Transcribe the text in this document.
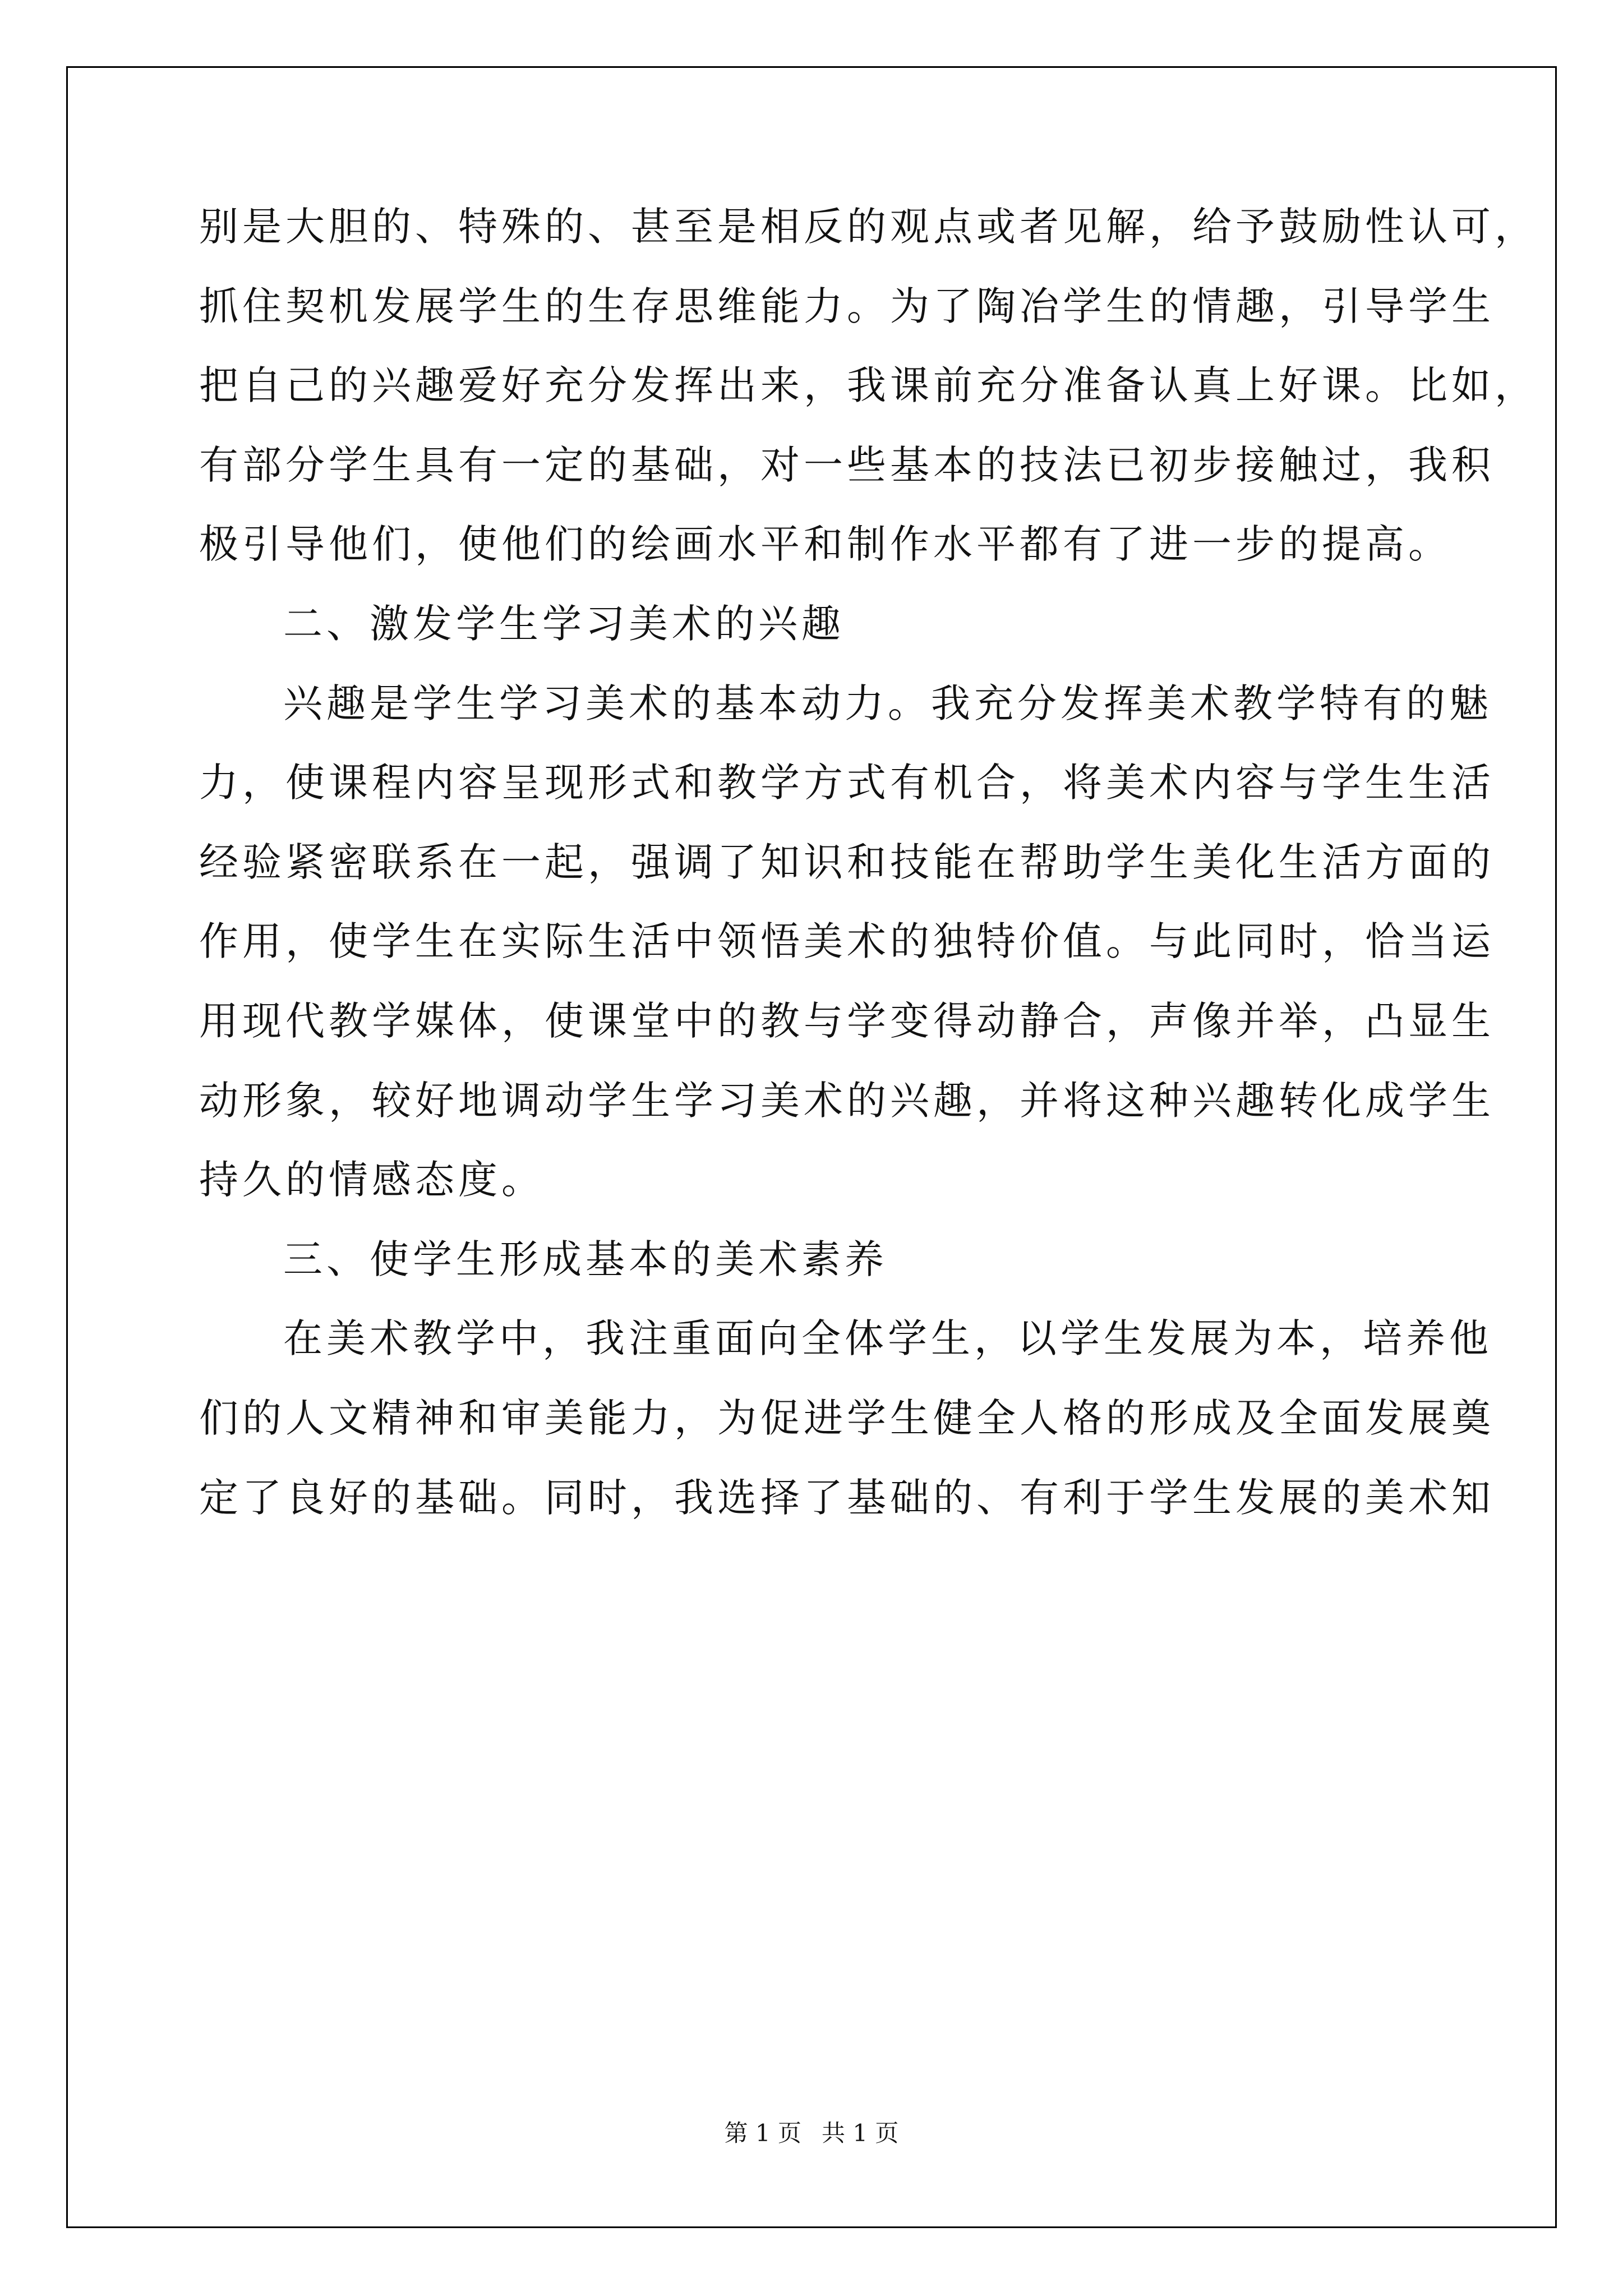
别是大胆的、特殊的、甚至是相反的观点或者见解，给予鼓励性认可，
抓住契机发展学生的生存思维能力。为了陶冶学生的情趣，引导学生
把自己的兴趣爱好充分发挥出来，我课前充分准备认真上好课。比如，
有部分学生具有一定的基础，对一些基本的技法已初步接触过，我积
极引导他们，使他们的绘画水平和制作水平都有了进一步的提高。
二、激发学生学习美术的兴趣
兴趣是学生学习美术的基本动力。我充分发挥美术教学特有的魅
力，使课程内容呈现形式和教学方式有机合，将美术内容与学生生活
经验紧密联系在一起，强调了知识和技能在帮助学生美化生活方面的
作用，使学生在实际生活中领悟美术的独特价值。与此同时，恰当运
用现代教学媒体，使课堂中的教与学变得动静合，声像并举，凸显生
动形象，较好地调动学生学习美术的兴趣，并将这种兴趣转化成学生
持久的情感态度。
三、使学生形成基本的美术素养
在美术教学中，我注重面向全体学生，以学生发展为本，培养他
们的人文精神和审美能力，为促进学生健全人格的形成及全面发展奠
定了良好的基础。同时，我选择了基础的、有利于学生发展的美术知
第 1 页 共 1 页
